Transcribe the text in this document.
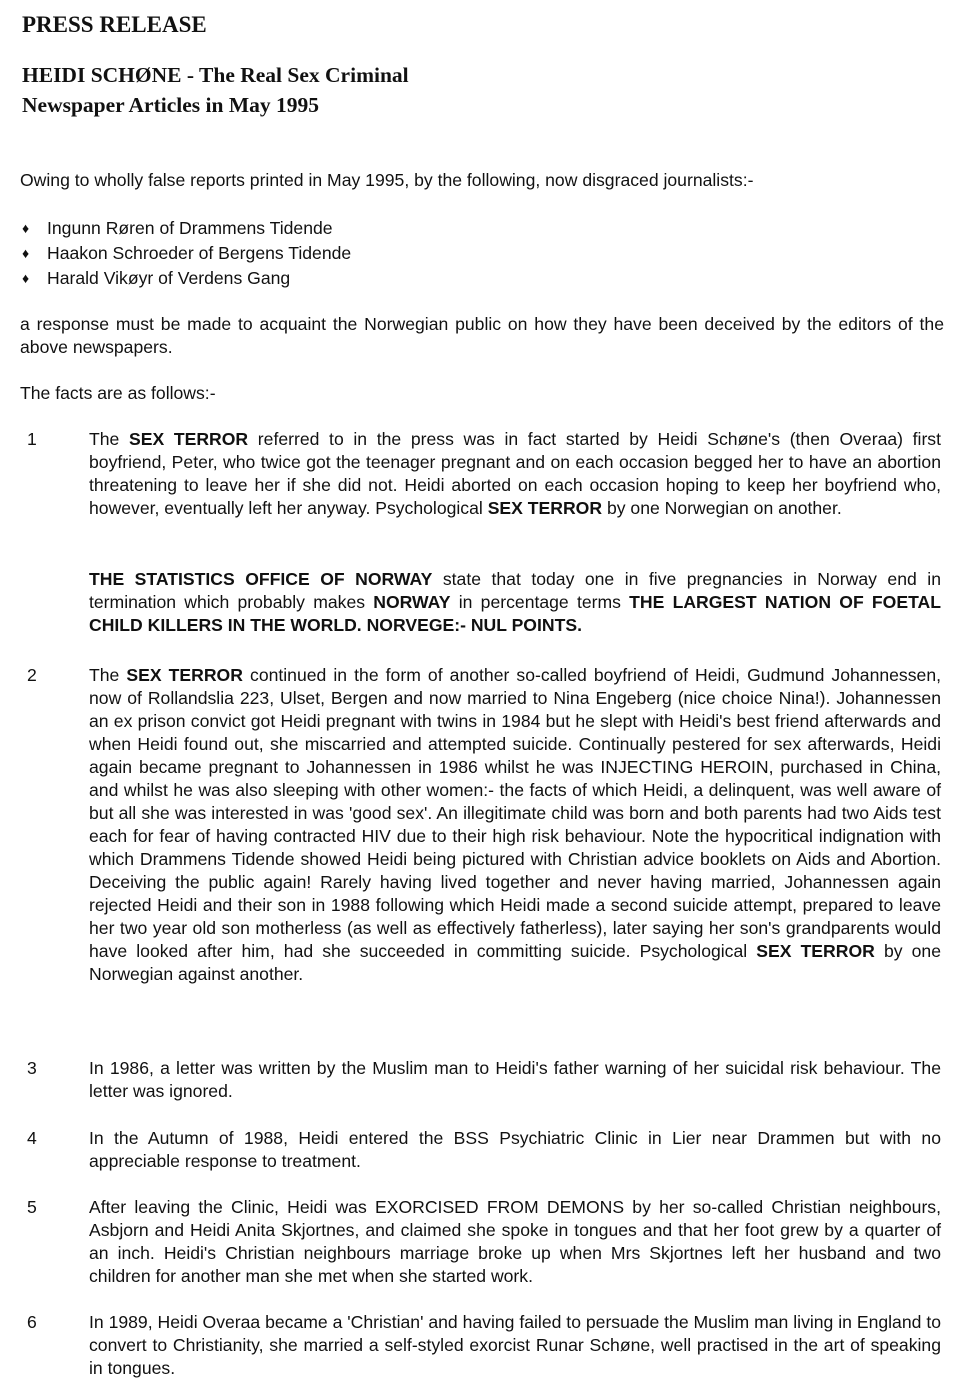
PRESS RELEASE
HEIDI SCHØNE - The Real Sex Criminal
Newspaper Articles in May 1995
Owing to wholly false reports printed in May 1995, by the following, now disgraced journalists:-
♦	Ingunn Røren of Drammens Tidende
♦	Haakon Schroeder of Bergens Tidende
♦	Harald Vikøyr of Verdens Gang
a response must be made to acquaint the Norwegian public on how they have been deceived by the editors of the above newspapers.
The facts are as follows:-
1	The SEX TERROR referred to in the press was in fact started by Heidi Schøne's (then Overaa) first boyfriend, Peter, who twice got the teenager pregnant and on each occasion begged her to have an abortion threatening to leave her if she did not. Heidi aborted on each occasion hoping to keep her boyfriend who, however, eventually left her anyway. Psychological SEX TERROR by one Norwegian on another.
THE STATISTICS OFFICE OF NORWAY state that today one in five pregnancies in Norway end in termination which probably makes NORWAY in percentage terms THE LARGEST NATION OF FOETAL CHILD KILLERS IN THE WORLD. NORVEGE:- NUL POINTS.
2	The SEX TERROR continued in the form of another so-called boyfriend of Heidi, Gudmund Johannessen, now of Rollandslia 223, Ulset, Bergen and now married to Nina Engeberg (nice choice Nina!). Johannessen an ex prison convict got Heidi pregnant with twins in 1984 but he slept with Heidi's best friend afterwards and when Heidi found out, she miscarried and attempted suicide. Continually pestered for sex afterwards, Heidi again became pregnant to Johannessen in 1986 whilst he was INJECTING HEROIN, purchased in China, and whilst he was also sleeping with other women:- the facts of which Heidi, a delinquent, was well aware of but all she was interested in was 'good sex'. An illegitimate child was born and both parents had two Aids test each for fear of having contracted HIV due to their high risk behaviour. Note the hypocritical indignation with which Drammens Tidende showed Heidi being pictured with Christian advice booklets on Aids and Abortion. Deceiving the public again! Rarely having lived together and never having married, Johannessen again rejected Heidi and their son in 1988 following which Heidi made a second suicide attempt, prepared to leave her two year old son motherless (as well as effectively fatherless), later saying her son's grandparents would have looked after him, had she succeeded in committing suicide. Psychological SEX TERROR by one Norwegian against another.
3	In 1986, a letter was written by the Muslim man to Heidi's father warning of her suicidal risk behaviour. The letter was ignored.
4	In the Autumn of 1988, Heidi entered the BSS Psychiatric Clinic in Lier near Drammen but with no appreciable response to treatment.
5	After leaving the Clinic, Heidi was EXORCISED FROM DEMONS by her so-called Christian neighbours, Asbjorn and Heidi Anita Skjortnes, and claimed she spoke in tongues and that her foot grew by a quarter of an inch. Heidi's Christian neighbours marriage broke up when Mrs Skjortnes left her husband and two children for another man she met when she started work.
6	In 1989, Heidi Overaa became a 'Christian' and having failed to persuade the Muslim man living in England to convert to Christianity, she married a self-styled exorcist Runar Schøne, well practised in the art of speaking in tongues.
